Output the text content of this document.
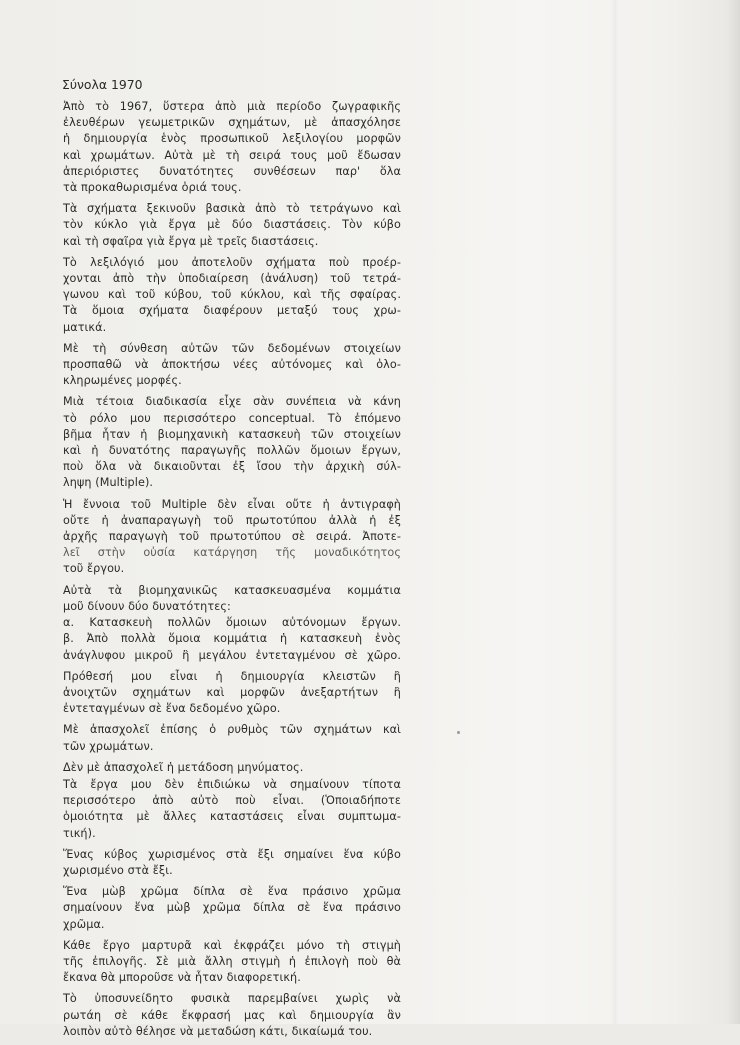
Σύνολα 1970
Ἀπὸ τὸ 1967, ὕστερα ἀπὸ μιὰ περίοδο ζωγραφικῆς
ἐλευθέρων γεωμετρικῶν σχημάτων, μὲ ἀπασχόλησε
ἡ δημιουργία ἑνὸς προσωπικοῦ λεξιλογίου μορφῶν
καὶ χρωμάτων. Αὐτὰ μὲ τὴ σειρά τους μοῦ ἔδωσαν
ἀπεριόριστες δυνατότητες συνθέσεων παρ' ὅλα
τὰ προκαθωρισμένα ὁριά τους.
Τὰ σχήματα ξεκινοῦν βασικὰ ἀπὸ τὸ τετράγωνο καὶ
τὸν κύκλο γιὰ ἔργα μὲ δύο διαστάσεις. Τὸν κύβο
καὶ τὴ σφαῖρα γιὰ ἔργα μὲ τρεῖς διαστάσεις.
Τὸ λεξιλόγιό μου ἀποτελοῦν σχήματα ποὺ προέρ-
χονται ἀπὸ τὴν ὑποδιαίρεση (ἀνάλυση) τοῦ τετρά-
γωνου καὶ τοῦ κύβου, τοῦ κύκλου, καὶ τῆς σφαίρας.
Τὰ ὅμοια σχήματα διαφέρουν μεταξύ τους χρω-
ματικά.
Μὲ τὴ σύνθεση αὐτῶν τῶν δεδομένων στοιχείων
προσπαθῶ νὰ ἀποκτήσω νέες αὐτόνομες καὶ ὁλο-
κληρωμένες μορφές.
Μιὰ τέτοια διαδικασία εἶχε σὰν συνέπεια νὰ κάνη
τὸ ρόλο μου περισσότερο conceptual. Τὸ ἐπόμενο
βῆμα ἦταν ἡ βιομηχανικὴ κατασκευὴ τῶν στοιχείων
καὶ ἡ δυνατότης παραγωγῆς πολλῶν ὅμοιων ἔργων,
ποὺ ὅλα νὰ δικαιοῦνται ἐξ ἴσου τὴν ἀρχικὴ σύλ-
ληψη (Multiple).
Ἡ ἔννοια τοῦ Multiple δὲν εἶναι οὔτε ἡ ἀντιγραφὴ
οὔτε ἡ ἀναπαραγωγὴ τοῦ πρωτοτύπου ἀλλὰ ἡ ἐξ
ἀρχῆς παραγωγὴ τοῦ πρωτοτύπου σὲ σειρά. Ἀποτε-
λεῖ στὴν οὐσία κατάργηση τῆς μοναδικότητος
τοῦ ἔργου.
Αὐτὰ τὰ βιομηχανικῶς κατασκευασμένα κομμάτια
μοῦ δίνουν δύο δυνατότητες:
α. Κατασκευὴ πολλῶν ὅμοιων αὐτόνομων ἔργων.
β. Ἀπὸ πολλὰ ὅμοια κομμάτια ἡ κατασκευὴ ἑνὸς
ἀνάγλυφου μικροῦ ἢ μεγάλου ἐντεταγμένου σὲ χῶρο.
Πρόθεσή μου εἶναι ἡ δημιουργία κλειστῶν ἢ
ἀνοιχτῶν σχημάτων καὶ μορφῶν ἀνεξαρτήτων ἢ
ἐντεταγμένων σὲ ἕνα δεδομένο χῶρο.
Μὲ ἀπασχολεῖ ἐπίσης ὁ ρυθμὸς τῶν σχημάτων καὶ
τῶν χρωμάτων.
Δὲν μὲ ἀπασχολεῖ ἡ μετάδοση μηνύματος.
Τὰ ἔργα μου δὲν ἐπιδιώκω νὰ σημαίνουν τίποτα
περισσότερο ἀπὸ αὐτὸ ποὺ εἶναι. (Ὁποιαδήποτε
ὁμοιότητα μὲ ἄλλες καταστάσεις εἶναι συμπτωμα-
τική).
Ἕνας κύβος χωρισμένος στὰ ἔξι σημαίνει ἕνα κύβο
χωρισμένο στὰ ἔξι.
Ἕνα μὼβ χρῶμα δίπλα σὲ ἕνα πράσινο χρῶμα
σημαίνουν ἕνα μὼβ χρῶμα δίπλα σὲ ἕνα πράσινο
χρῶμα.
Κάθε ἔργο μαρτυρᾶ καὶ ἐκφράζει μόνο τὴ στιγμὴ
τῆς ἐπιλογῆς. Σὲ μιὰ ἄλλη στιγμὴ ἡ ἐπιλογὴ ποὺ θὰ
ἔκανα θὰ μποροῦσε νὰ ἦταν διαφορετική.
Τὸ ὑποσυνείδητο φυσικὰ παρεμβαίνει χωρὶς νὰ
ρωτάη σὲ κάθε ἔκφρασή μας καὶ δημιουργία ἂν
λοιπὸν αὐτὸ θέλησε νὰ μεταδώση κάτι, δικαίωμά του.
